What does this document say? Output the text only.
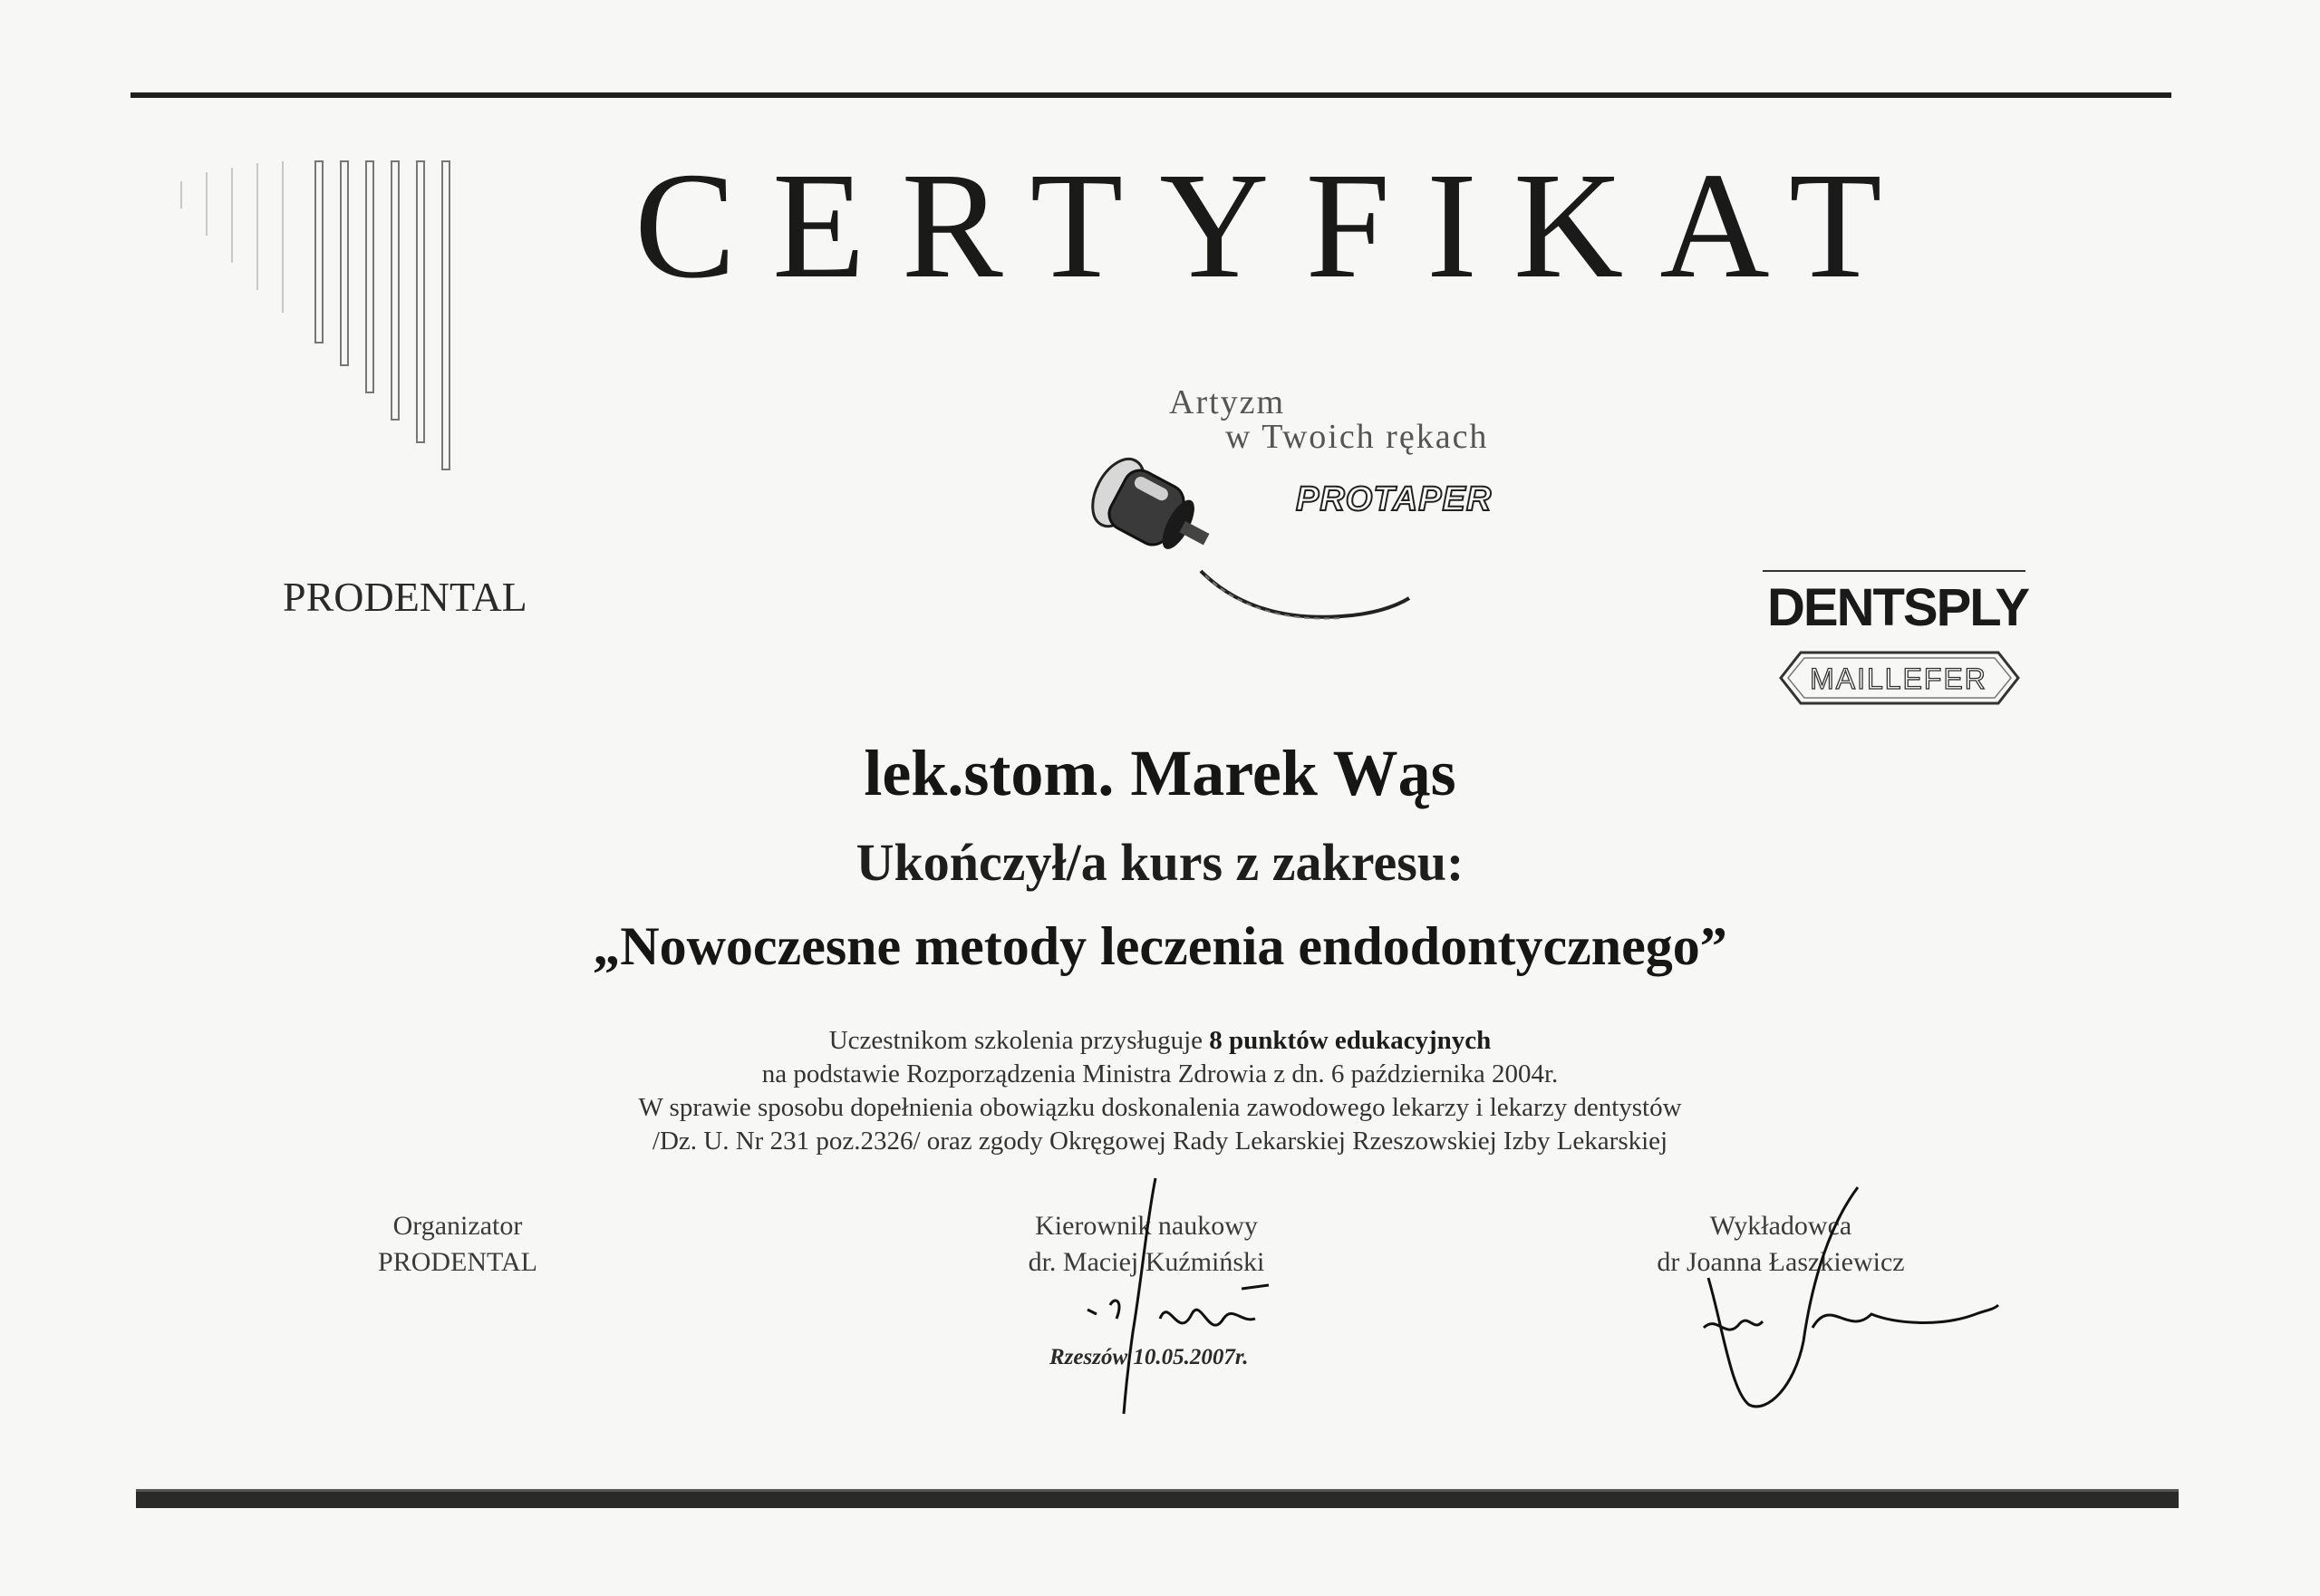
CERTYFIKAT
PRODENTAL
Artyzm
w Twoich rękach
PROTAPER
DENTSPLY
MAILLEFER
lek.stom. Marek Wąs
Ukończył/a kurs z zakresu:
„Nowoczesne metody leczenia endodontycznego”
Uczestnikom szkolenia przysługuje 8 punktów edukacyjnych
na podstawie Rozporządzenia Ministra Zdrowia z dn. 6 października 2004r.
W sprawie sposobu dopełnienia obowiązku doskonalenia zawodowego lekarzy i lekarzy dentystów
/Dz. U. Nr 231 poz.2326/ oraz zgody Okręgowej Rady Lekarskiej Rzeszowskiej Izby Lekarskiej
Organizator
PRODENTAL
Kierownik naukowy
dr. Maciej Kuźmiński
Wykładowca
dr Joanna Łaszkiewicz
Rzeszów 10.05.2007r.
